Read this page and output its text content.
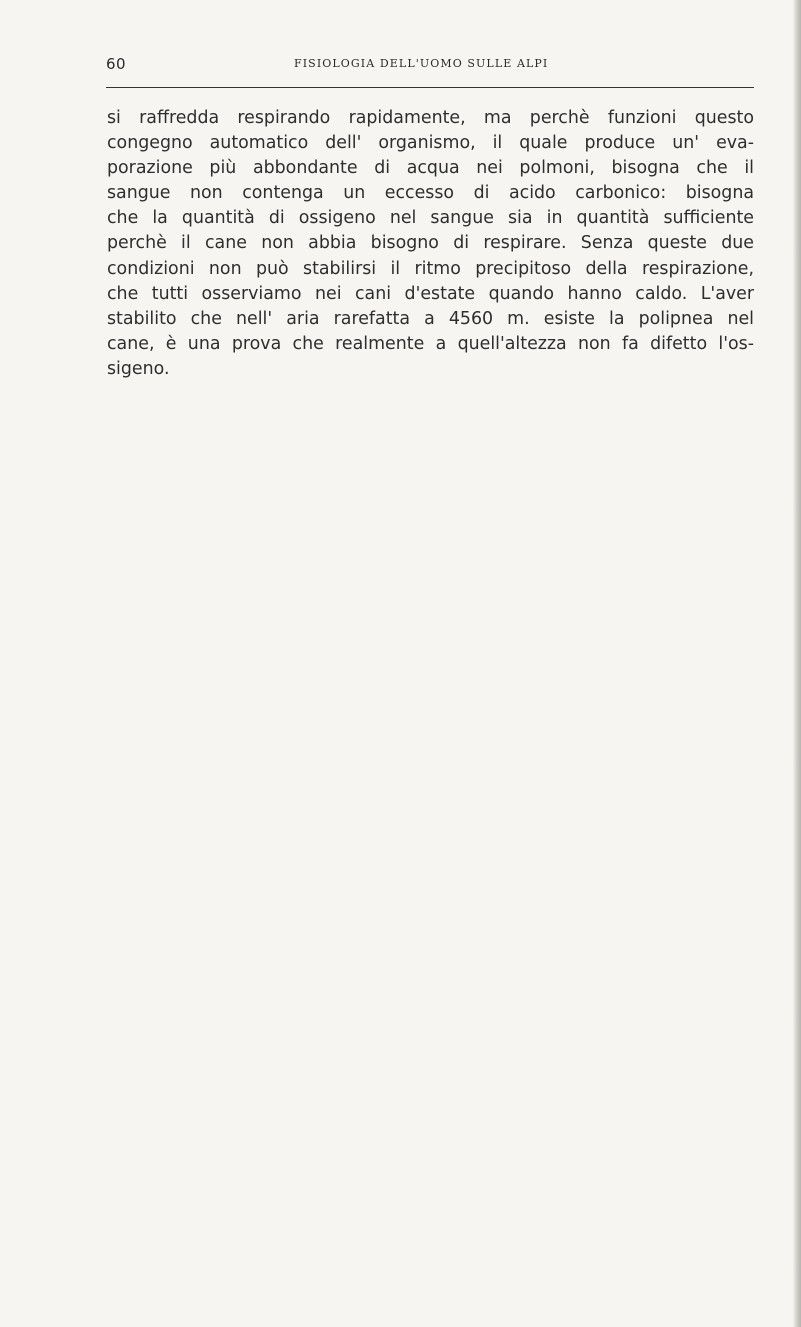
60	FISIOLOGIA DELL'UOMO SULLE ALPI
si raffredda respirando rapidamente, ma perchè funzioni questo
congegno automatico dell' organismo, il quale produce un' eva-
porazione più abbondante di acqua nei polmoni, bisogna che il
sangue non contenga un eccesso di acido carbonico: bisogna
che la quantità di ossigeno nel sangue sia in quantità sufficiente
perchè il cane non abbia bisogno di respirare. Senza queste due
condizioni non può stabilirsi il ritmo precipitoso della respirazione,
che tutti osserviamo nei cani d'estate quando hanno caldo. L'aver
stabilito che nell' aria rarefatta a 4560 m. esiste la polipnea nel
cane, è una prova che realmente a quell'altezza non fa difetto l'os-
sigeno.
